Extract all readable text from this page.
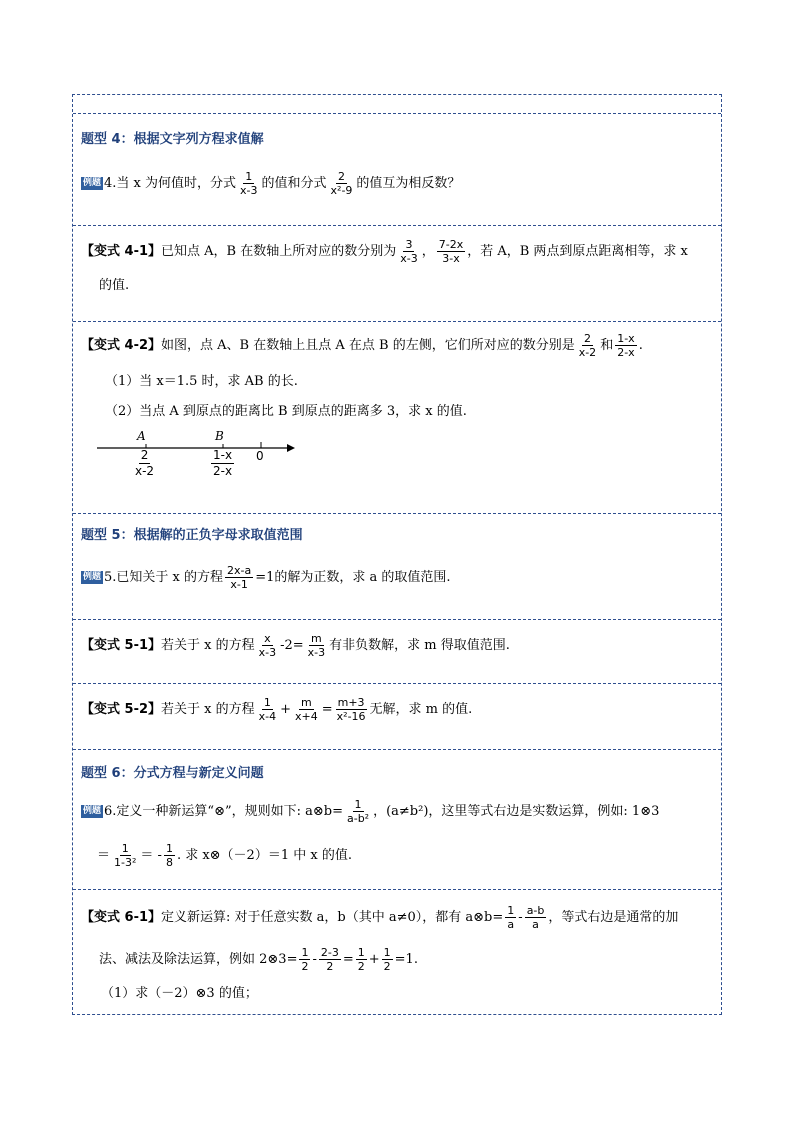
题型 4：根据文字列方程求值解
例题 4 .当 x 为何值时，分式 $\frac{1}{x-3}$ 的值和分式 $\frac{2}{\text{x²-9}}$ 的值互为相反数？
【变式 4-1】 已知点 A，B 在数轴上所对应的数分别为 $\frac{3}{x-3}$ ， $\frac{7-2x}{3-x}$ ，若 A，B 两点到原点距离相等，求 x
的值.
【变式 4-2】 如图，点 A、B 在数轴上且点 A 在点 B 的左侧，它们所对应的数分别是 $\frac{2}{x-2}$ 和 $\frac{1-x}{2-x}$ .
（1）当 x＝1.5 时，求 AB 的长.
（2）当点 A 到原点的距离比 B 到原点的距离多 3，求 x 的值.
A	B
0
$\frac{2}{x-2}$	$\frac{1-x}{2-x}$
题型 5：根据解的正负字母求取值范围
例题 5 .已知关于 x 的方程 $\frac{2x-a}{x-1} =1$的解为正数，求 a 的取值范围.
【变式 5-1】 若关于 x 的方程 $\frac{x}{x-3} -2= \frac{m}{x-3}$ 有非负数解，求 m 得取值范围.
【变式 5-2】 若关于 x 的方程 $\frac{1}{x-4} + \frac{m}{x+4} = \frac{m+3}{\text{x²-16}}$ 无解，求 m 的值.
题型 6：分式方程与新定义问题
例题 6 .定义一种新运算“⊗”，规则如下: a⊗b= $\frac{1}{\text{a-b²}}$ ，(a≠b²)，这里等式右边是实数运算，例如: 1⊗3
＝ $\frac{1}{\text{1-3²}}$ ＝ - $\frac{1}{8}$ . 求 x⊗（－2）＝1 中 x 的值.
【变式 6-1】 定义新运算: 对于任意实数 a，b（其中 a≠0），都有 a⊗b= $\frac{1}{a} - \frac{a-b}{a}$ ，等式右边是通常的加
法、减法及除法运算，例如 2⊗3= $\frac{1}{2} - \frac{2-3}{2} = \frac{1}{2} + \frac{1}{2} =1$.
（1）求（－2）⊗3 的值；
